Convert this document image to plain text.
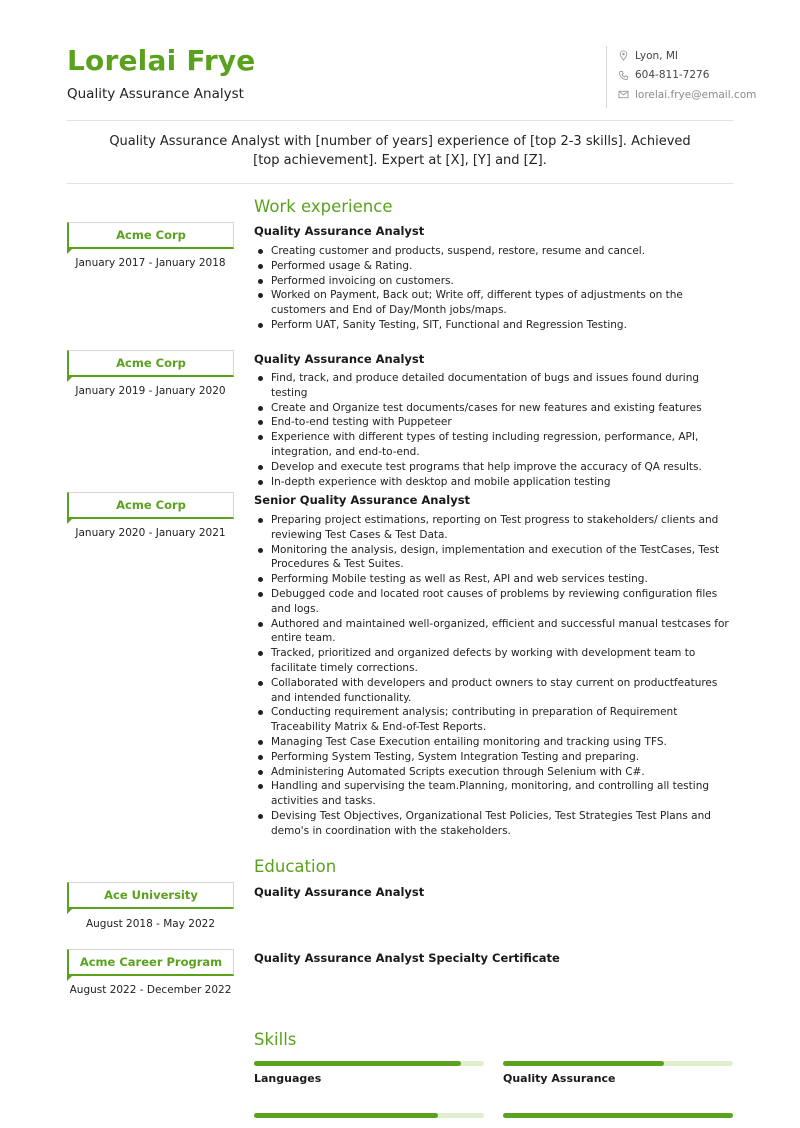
Lorelai Frye
Quality Assurance Analyst
Lyon, MI
604-811-7276
lorelai.frye@email.com
Quality Assurance Analyst with [number of years] experience of [top 2-3 skills]. Achieved [top achievement]. Expert at [X], [Y] and [Z].
Work experience
Acme Corp
January 2017 - January 2018
Quality Assurance Analyst
Creating customer and products, suspend, restore, resume and cancel.
Performed usage & Rating.
Performed invoicing on customers.
Worked on Payment, Back out; Write off, different types of adjustments on the customers and End of Day/Month jobs/maps.
Perform UAT, Sanity Testing, SIT, Functional and Regression Testing.
Acme Corp
January 2019 - January 2020
Quality Assurance Analyst
Find, track, and produce detailed documentation of bugs and issues found during testing
Create and Organize test documents/cases for new features and existing features
End-to-end testing with Puppeteer
Experience with different types of testing including regression, performance, API, integration, and end-to-end.
Develop and execute test programs that help improve the accuracy of QA results.
In-depth experience with desktop and mobile application testing
Acme Corp
January 2020 - January 2021
Senior Quality Assurance Analyst
Preparing project estimations, reporting on Test progress to stakeholders/ clients and reviewing Test Cases & Test Data.
Monitoring the analysis, design, implementation and execution of the TestCases, Test Procedures & Test Suites.
Performing Mobile testing as well as Rest, API and web services testing.
Debugged code and located root causes of problems by reviewing configuration files and logs.
Authored and maintained well-organized, efficient and successful manual testcases for entire team.
Tracked, prioritized and organized defects by working with development team to facilitate timely corrections.
Collaborated with developers and product owners to stay current on productfeatures and intended functionality.
Conducting requirement analysis; contributing in preparation of Requirement Traceability Matrix & End-of-Test Reports.
Managing Test Case Execution entailing monitoring and tracking using TFS.
Performing System Testing, System Integration Testing and preparing.
Administering Automated Scripts execution through Selenium with C#.
Handling and supervising the team.Planning, monitoring, and controlling all testing activities and tasks.
Devising Test Objectives, Organizational Test Policies, Test Strategies Test Plans and demo's in coordination with the stakeholders.
Education
Ace University
August 2018 - May 2022
Quality Assurance Analyst
Acme Career Program
August 2022 - December 2022
Quality Assurance Analyst Specialty Certificate
Skills
Languages	Quality Assurance
